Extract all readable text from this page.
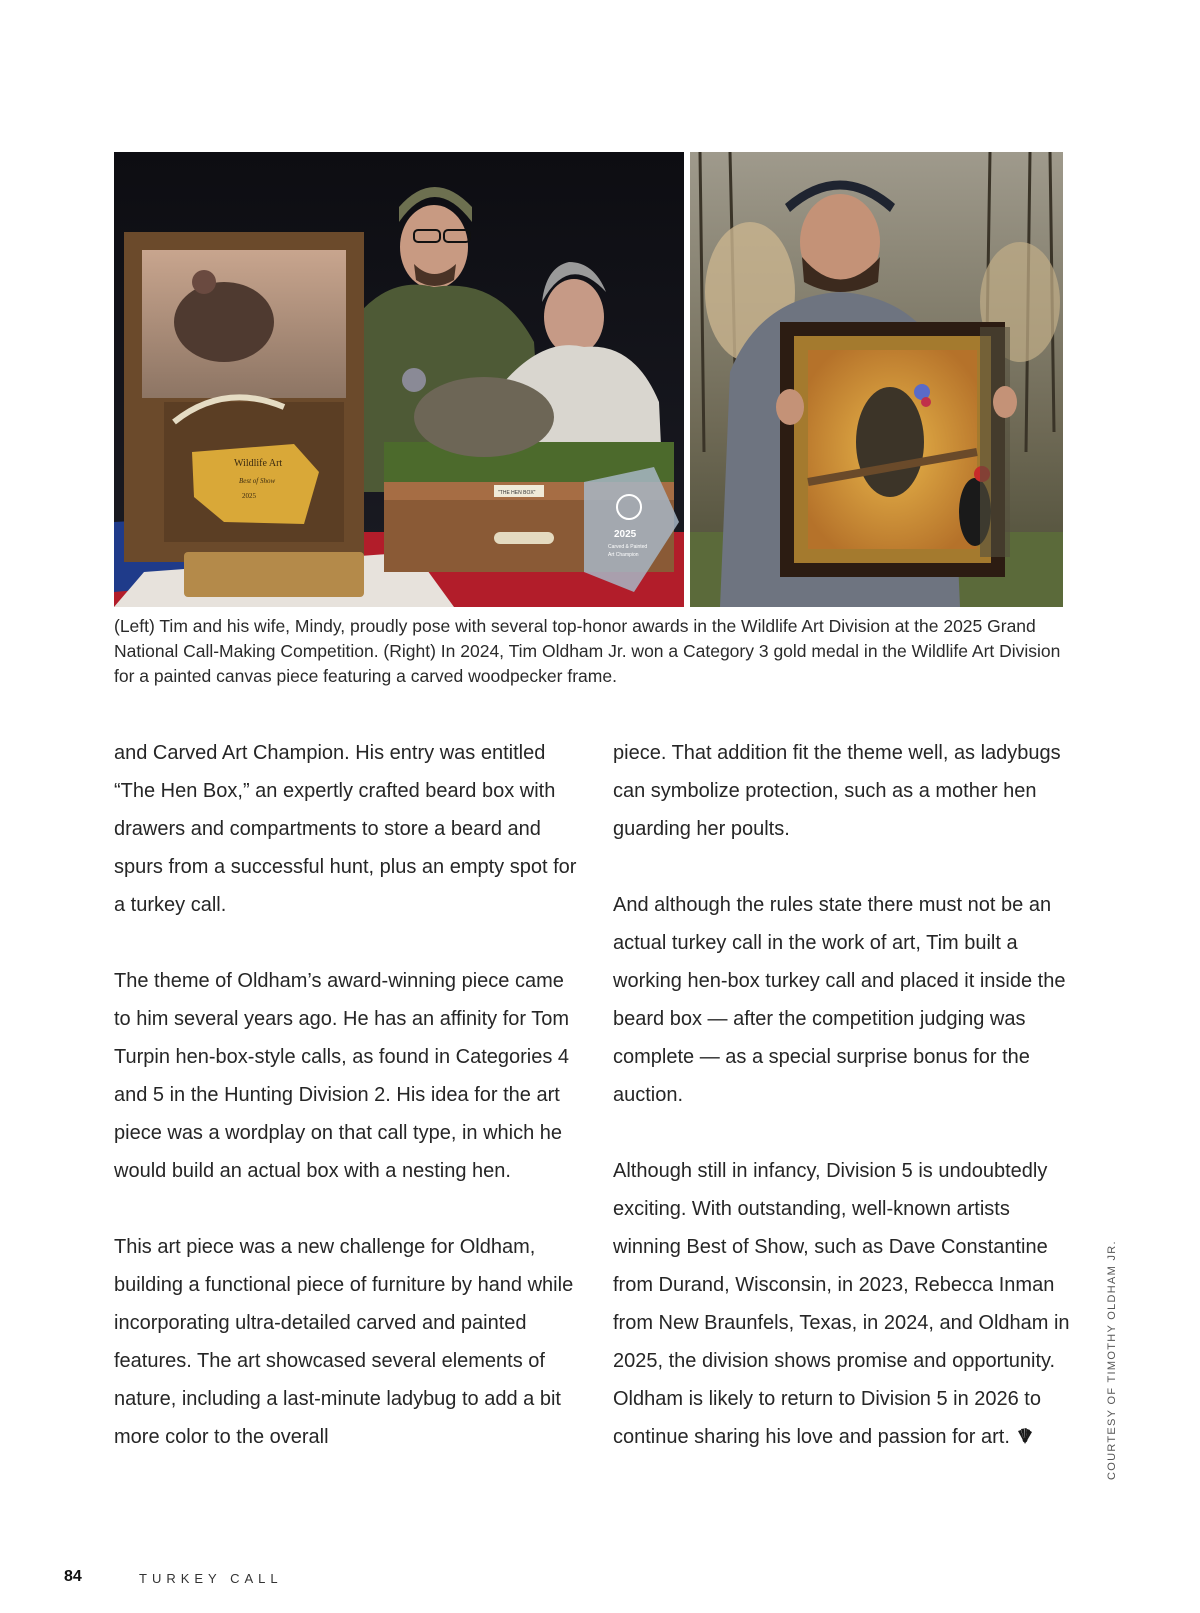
Wildlife Art
Best of Show
2025	"THE HEN BOX"
2025
Carved & Painted
Art Champion

(Left) Tim and his wife, Mindy, proudly pose with several top-honor awards in the Wildlife Art Division at the 2025 Grand National Call-Making Competition. (Right) In 2024, Tim Oldham Jr. won a Category 3 gold medal in the Wildlife Art Division for a painted canvas piece featuring a carved woodpecker frame.

and Carved Art Champion. His entry was entitled “The Hen Box,” an expertly crafted beard box with drawers and compartments to store a beard and spurs from a successful hunt, plus an empty spot for a turkey call.

The theme of Oldham’s award-winning piece came to him several years ago. He has an affinity for Tom Turpin hen-box-style calls, as found in Categories 4 and 5 in the Hunting Division 2. His idea for the art piece was a wordplay on that call type, in which he would build an actual box with a nesting hen.

This art piece was a new challenge for Oldham, building a functional piece of furniture by hand while incorporating ultra-detailed carved and painted features. The art showcased several elements of nature, including a last-minute ladybug to add a bit more color to the overall

piece. That addition fit the theme well, as ladybugs can symbolize protection, such as a mother hen guarding her poults.

And although the rules state there must not be an actual turkey call in the work of art, Tim built a working hen-box turkey call and placed it inside the beard box — after the competition judging was complete — as a special surprise bonus for the auction.

Although still in infancy, Division 5 is undoubtedly exciting. With outstanding, well-known artists winning Best of Show, such as Dave Constantine from Durand, Wisconsin, in 2023, Rebecca Inman from New Braunfels, Texas, in 2024, and Oldham in 2025, the division shows promise and opportunity. Oldham is likely to return to Division 5 in 2026 to continue sharing his love and passion for art.	COURTESY OF TIMOTHY OLDHAM JR.
84	TURKEY CALL
